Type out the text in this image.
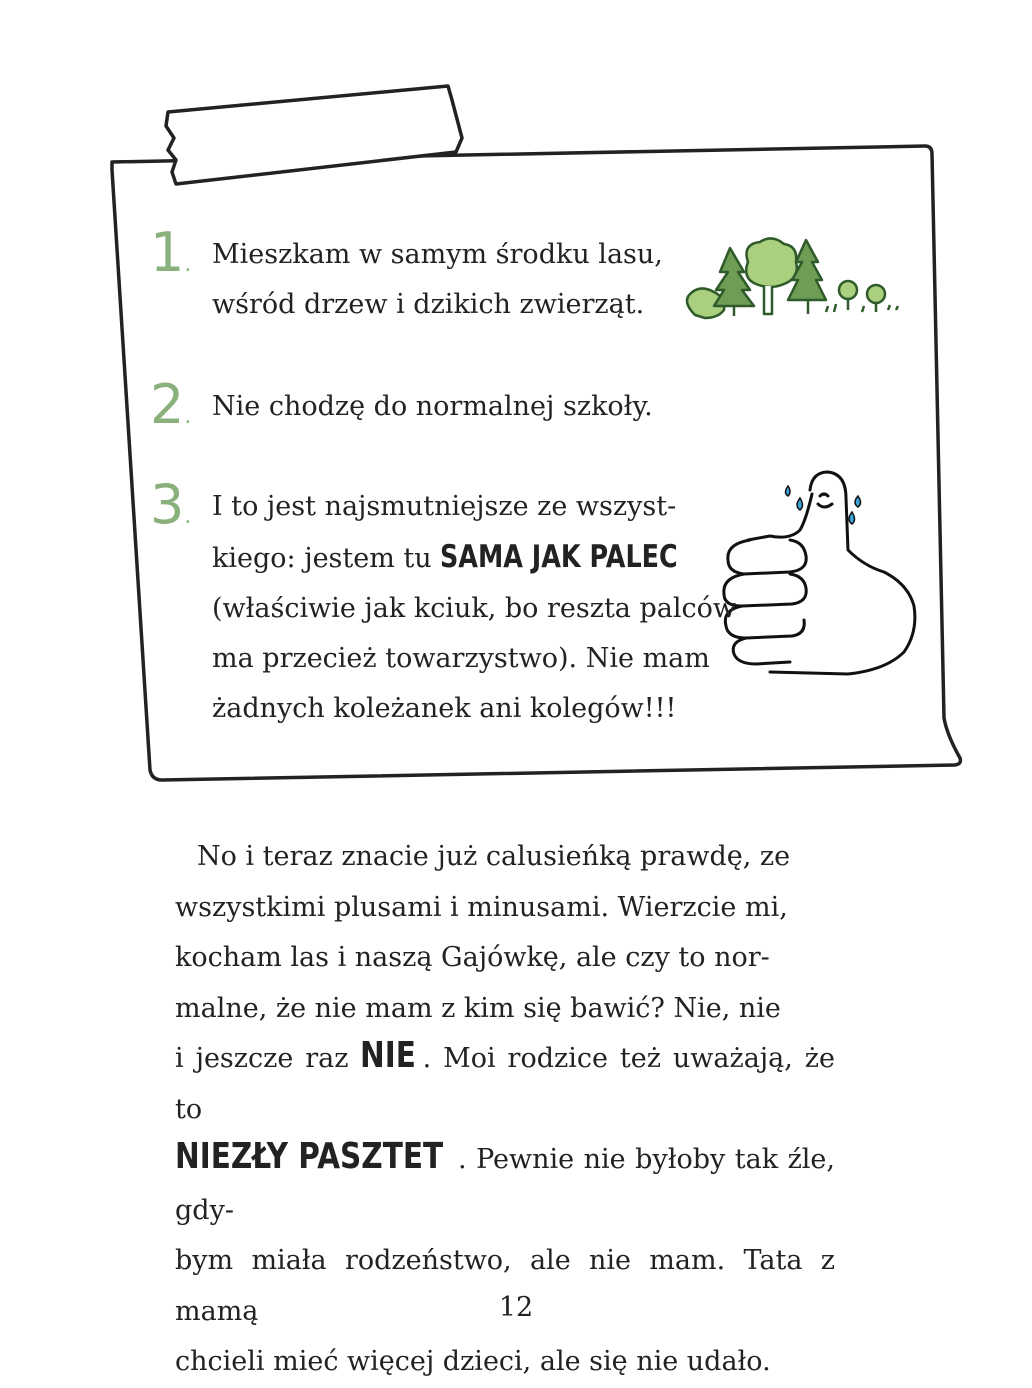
1. Mieszkam w samym środku lasu,
wśród drzew i dzikich zwierząt.
2. Nie chodzę do normalnej szkoły.
3. I to jest najsmutniejsze ze wszyst-
kiego: jestem tu SAMA JAK PALEC
(właściwie jak kciuk, bo reszta palców
ma przecież towarzystwo). Nie mam
żadnych koleżanek ani kolegów!!!
No i teraz znacie już calusieńką prawdę, ze
wszystkimi plusami i minusami. Wierzcie mi,
kocham las i naszą Gajówkę, ale czy to nor-
malne, że nie mam z kim się bawić? Nie, nie
i jeszcze raz NIE . Moi rodzice też uważają, że to
NIEZŁY PASZTET . Pewnie nie byłoby tak źle, gdy-
bym miała rodzeństwo, ale nie mam. Tata z mamą
chcieli mieć więcej dzieci, ale się nie udało.
12
